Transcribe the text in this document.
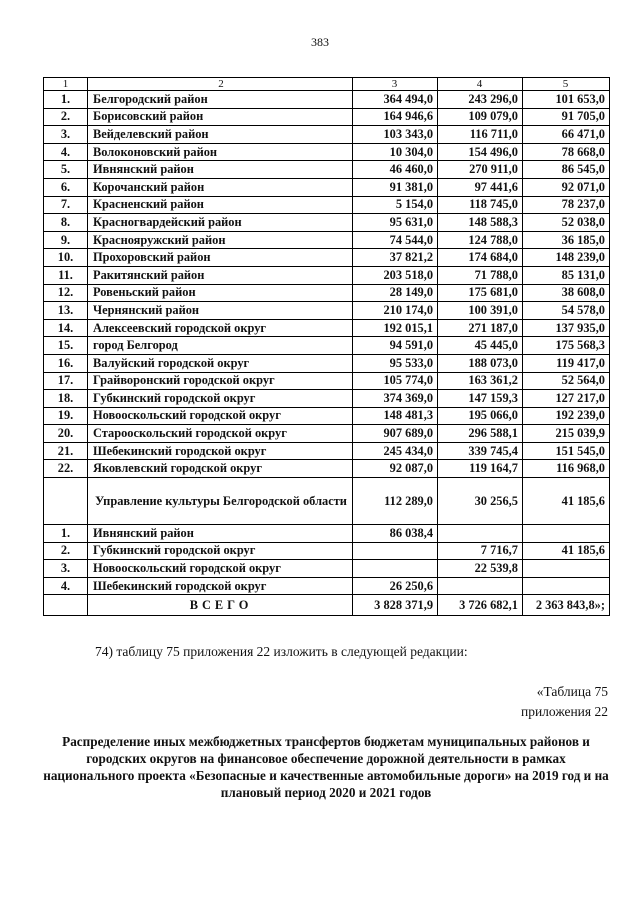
383
1	2	3	4	5
1.	Белгородский район	364 494,0	243 296,0	101 653,0
2.	Борисовский район	164 946,6	109 079,0	91 705,0
3.	Вейделевский район	103 343,0	116 711,0	66 471,0
4.	Волоконовский район	10 304,0	154 496,0	78 668,0
5.	Ивнянский район	46 460,0	270 911,0	86 545,0
6.	Корочанский район	91 381,0	97 441,6	92 071,0
7.	Красненский район	5 154,0	118 745,0	78 237,0
8.	Красногвардейский район	95 631,0	148 588,3	52 038,0
9.	Краснояружский район	74 544,0	124 788,0	36 185,0
10.	Прохоровский район	37 821,2	174 684,0	148 239,0
11.	Ракитянский район	203 518,0	71 788,0	85 131,0
12.	Ровеньский район	28 149,0	175 681,0	38 608,0
13.	Чернянский район	210 174,0	100 391,0	54 578,0
14.	Алексеевский городской округ	192 015,1	271 187,0	137 935,0
15.	город Белгород	94 591,0	45 445,0	175 568,3
16.	Валуйский городской округ	95 533,0	188 073,0	119 417,0
17.	Грайворонский городской округ	105 774,0	163 361,2	52 564,0
18.	Губкинский городской округ	374 369,0	147 159,3	127 217,0
19.	Новооскольский городской округ	148 481,3	195 066,0	192 239,0
20.	Старооскольский городской округ	907 689,0	296 588,1	215 039,9
21.	Шебекинский городской округ	245 434,0	339 745,4	151 545,0
22.	Яковлевский городской округ	92 087,0	119 164,7	116 968,0
	Управление культуры Белгородской области	112 289,0	30 256,5	41 185,6
1.	Ивнянский район	86 038,4		
2.	Губкинский городской округ		7 716,7	41 185,6
3.	Новооскольский городской округ		22 539,8	
4.	Шебекинский городской округ	26 250,6		
	ВСЕГО	3 828 371,9	3 726 682,1	2 363 843,8»;
74) таблицу 75 приложения 22 изложить в следующей редакции:
«Таблица 75
приложения 22
Распределение иных межбюджетных трансфертов бюджетам муниципальных районов и городских округов на финансовое обеспечение дорожной деятельности в рамках национального проекта «Безопасные и качественные автомобильные дороги» на 2019 год и на плановый период 2020 и 2021 годов
